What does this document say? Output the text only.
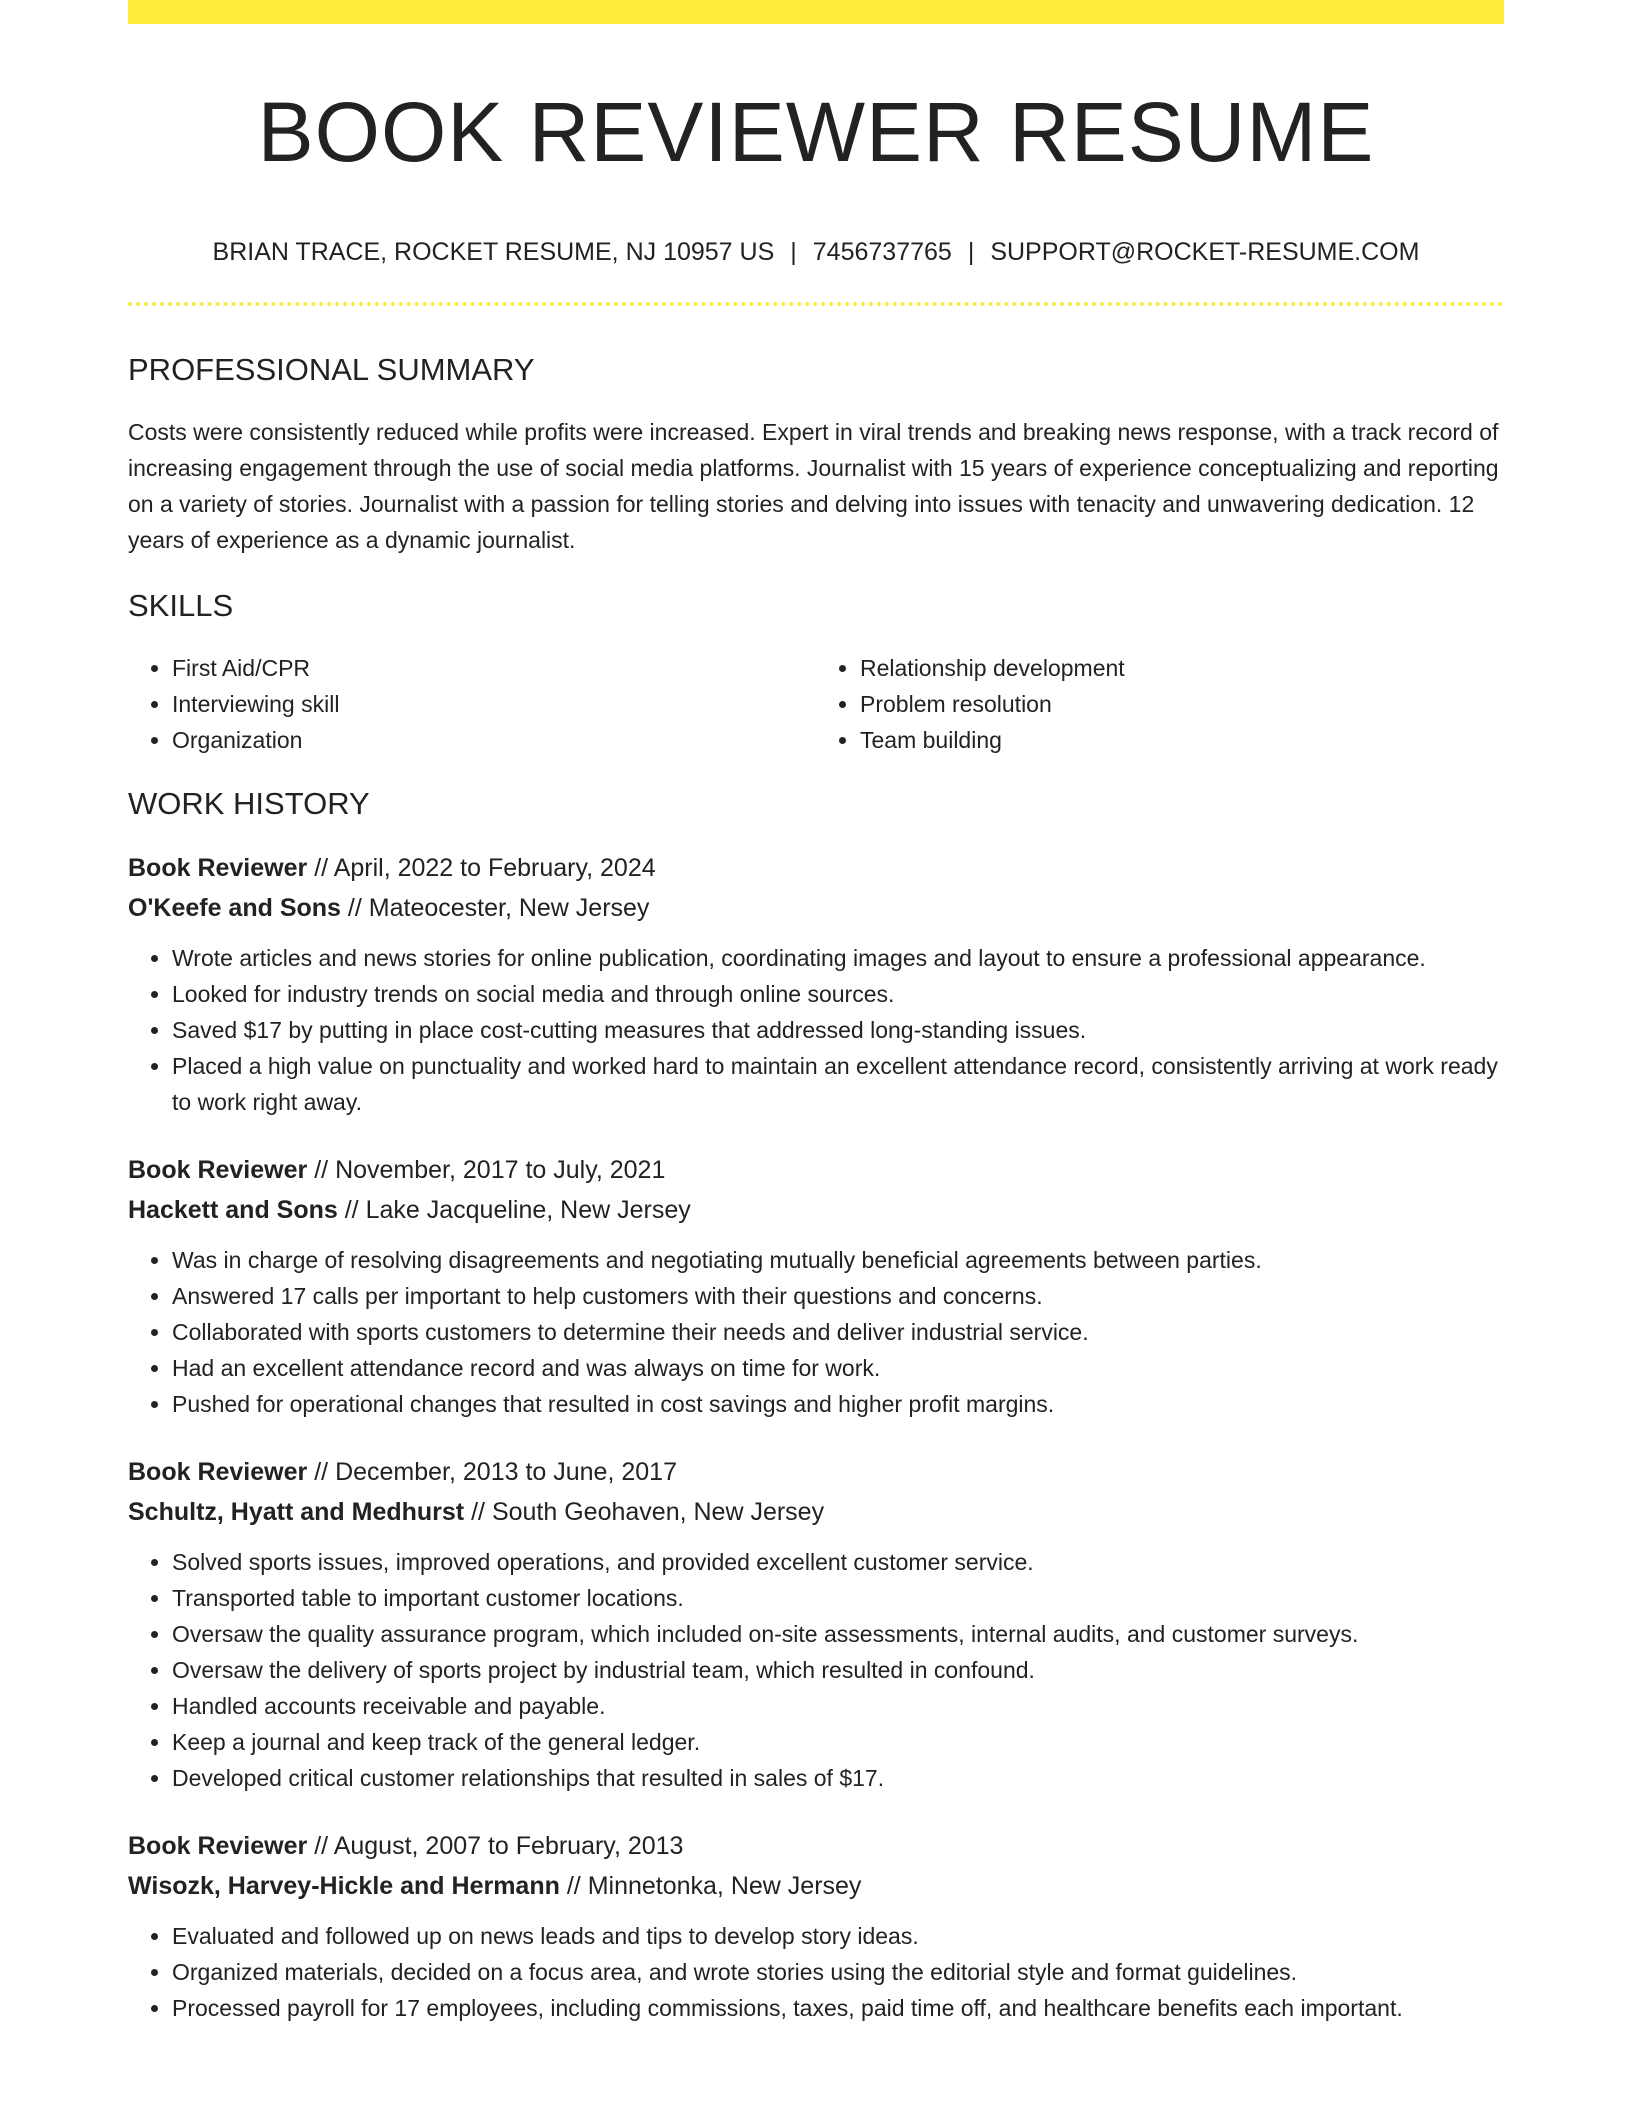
BOOK REVIEWER RESUME
BRIAN TRACE, ROCKET RESUME, NJ 10957 US | 7456737765 | SUPPORT@ROCKET-RESUME.COM
PROFESSIONAL SUMMARY

Costs were consistently reduced while profits were increased. Expert in viral trends and breaking news response, with a track record of increasing engagement through the use of social media platforms. Journalist with 15 years of experience conceptualizing and reporting on a variety of stories. Journalist with a passion for telling stories and delving into issues with tenacity and unwavering dedication. 12 years of experience as a dynamic journalist.

SKILLS
• First Aid/CPR
• Interviewing skill
• Organization
• Relationship development
• Problem resolution
• Team building
WORK HISTORY
Book Reviewer // April, 2022 to February, 2024
O'Keefe and Sons // Mateocester, New Jersey
• Wrote articles and news stories for online publication, coordinating images and layout to ensure a professional appearance.
• Looked for industry trends on social media and through online sources.
• Saved $17 by putting in place cost-cutting measures that addressed long-standing issues.
• Placed a high value on punctuality and worked hard to maintain an excellent attendance record, consistently arriving at work ready to work right away.
Book Reviewer // November, 2017 to July, 2021
Hackett and Sons // Lake Jacqueline, New Jersey
• Was in charge of resolving disagreements and negotiating mutually beneficial agreements between parties.
• Answered 17 calls per important to help customers with their questions and concerns.
• Collaborated with sports customers to determine their needs and deliver industrial service.
• Had an excellent attendance record and was always on time for work.
• Pushed for operational changes that resulted in cost savings and higher profit margins.
Book Reviewer // December, 2013 to June, 2017
Schultz, Hyatt and Medhurst // South Geohaven, New Jersey
• Solved sports issues, improved operations, and provided excellent customer service.
• Transported table to important customer locations.
• Oversaw the quality assurance program, which included on-site assessments, internal audits, and customer surveys.
• Oversaw the delivery of sports project by industrial team, which resulted in confound.
• Handled accounts receivable and payable.
• Keep a journal and keep track of the general ledger.
• Developed critical customer relationships that resulted in sales of $17.
Book Reviewer // August, 2007 to February, 2013
Wisozk, Harvey-Hickle and Hermann // Minnetonka, New Jersey
• Evaluated and followed up on news leads and tips to develop story ideas.
• Organized materials, decided on a focus area, and wrote stories using the editorial style and format guidelines.
• Processed payroll for 17 employees, including commissions, taxes, paid time off, and healthcare benefits each important.
